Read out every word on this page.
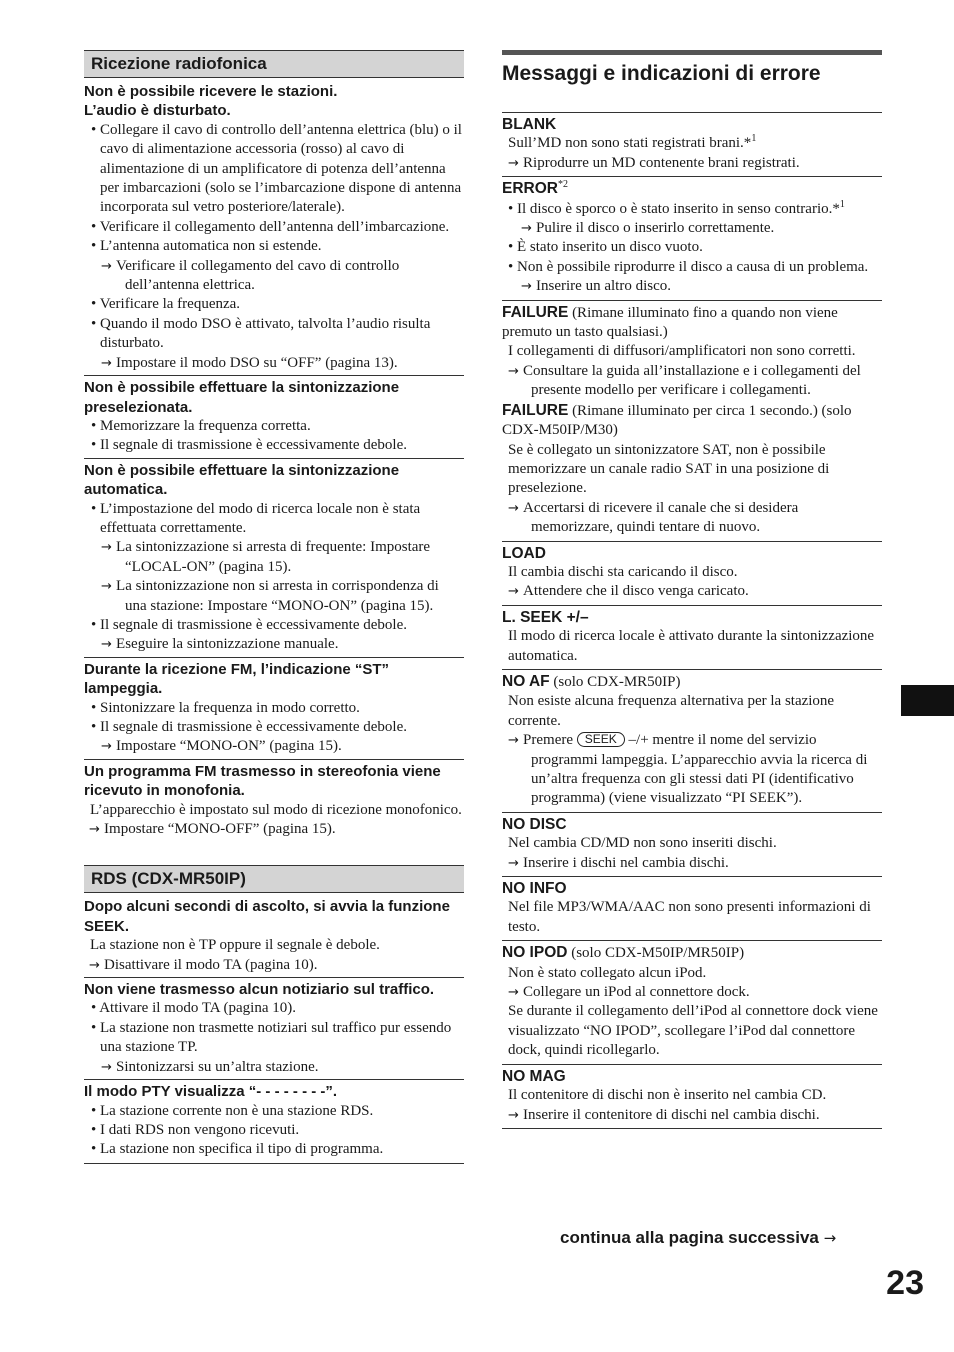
Ricezione radiofonica
Non è possibile ricevere le stazioni.
L’audio è disturbato.
• Collegare il cavo di controllo dell’antenna elettrica (blu) o il cavo di alimentazione accessoria (rosso) al cavo di alimentazione di un amplificatore di potenza dell’antenna per imbarcazioni (solo se l’imbarcazione dispone di antenna incorporata sul vetro posteriore/laterale).
• Verificare il collegamento dell’antenna dell’imbarcazione.
• L’antenna automatica non si estende.
→ Verificare il collegamento del cavo di controllo dell’antenna elettrica.
• Verificare la frequenza.
• Quando il modo DSO è attivato, talvolta l’audio risulta disturbato.
→ Impostare il modo DSO su “OFF” (pagina 13).
Non è possibile effettuare la sintonizzazione preselezionata.
• Memorizzare la frequenza corretta.
• Il segnale di trasmissione è eccessivamente debole.
Non è possibile effettuare la sintonizzazione automatica.
• L’impostazione del modo di ricerca locale non è stata effettuata correttamente.
→ La sintonizzazione si arresta di frequente: Impostare “LOCAL-ON” (pagina 15).
→ La sintonizzazione non si arresta in corrispondenza di una stazione: Impostare “MONO-ON” (pagina 15).
• Il segnale di trasmissione è eccessivamente debole.
→ Eseguire la sintonizzazione manuale.
Durante la ricezione FM, l’indicazione “ST” lampeggia.
• Sintonizzare la frequenza in modo corretto.
• Il segnale di trasmissione è eccessivamente debole.
→ Impostare “MONO-ON” (pagina 15).
Un programma FM trasmesso in stereofonia viene ricevuto in monofonia.
L’apparecchio è impostato sul modo di ricezione monofonico.
→ Impostare “MONO-OFF” (pagina 15).
RDS (CDX-MR50IP)
Dopo alcuni secondi di ascolto, si avvia la funzione SEEK.
La stazione non è TP oppure il segnale è debole.
→ Disattivare il modo TA (pagina 10).
Non viene trasmesso alcun notiziario sul traffico.
• Attivare il modo TA (pagina 10).
• La stazione non trasmette notiziari sul traffico pur essendo una stazione TP.
→ Sintonizzarsi su un’altra stazione.
Il modo PTY visualizza “- - - - - - - -”.
• La stazione corrente non è una stazione RDS.
• I dati RDS non vengono ricevuti.
• La stazione non specifica il tipo di programma.
Messaggi e indicazioni di errore
BLANK
Sull’MD non sono stati registrati brani.*$^1$
→ Riprodurre un MD contenente brani registrati.
ERROR$^{*2}$
• Il disco è sporco o è stato inserito in senso contrario.*$^1$
→ Pulire il disco o inserirlo correttamente.
• È stato inserito un disco vuoto.
• Non è possibile riprodurre il disco a causa di un problema.
→ Inserire un altro disco.
FAILURE (Rimane illuminato fino a quando non viene premuto un tasto qualsiasi.)
I collegamenti di diffusori/amplificatori non sono corretti.
→ Consultare la guida all’installazione e i collegamenti del presente modello per verificare i collegamenti.
FAILURE (Rimane illuminato per circa 1 secondo.) (solo CDX-M50IP/M30)
Se è collegato un sintonizzatore SAT, non è possibile memorizzare un canale radio SAT in una posizione di preselezione.
→ Accertarsi di ricevere il canale che si desidera memorizzare, quindi tentare di nuovo.
LOAD
Il cambia dischi sta caricando il disco.
→ Attendere che il disco venga caricato.
L. SEEK +/–
Il modo di ricerca locale è attivato durante la sintonizzazione automatica.
NO AF (solo CDX-MR50IP)
Non esiste alcuna frequenza alternativa per la stazione corrente.
→ Premere SEEK –/+ mentre il nome del servizio programmi lampeggia. L’apparecchio avvia la ricerca di un’altra frequenza con gli stessi dati PI (identificativo programma) (viene visualizzato “PI SEEK”).
NO DISC
Nel cambia CD/MD non sono inseriti dischi.
→ Inserire i dischi nel cambia dischi.
NO INFO
Nel file MP3/WMA/AAC non sono presenti informazioni di testo.
NO IPOD (solo CDX-M50IP/MR50IP)
Non è stato collegato alcun iPod.
→ Collegare un iPod al connettore dock.
Se durante il collegamento dell’iPod al connettore dock viene visualizzato “NO IPOD”, scollegare l’iPod dal connettore dock, quindi ricollegarlo.
NO MAG
Il contenitore di dischi non è inserito nel cambia CD.
→ Inserire il contenitore di dischi nel cambia dischi.
continua alla pagina successiva →
23
